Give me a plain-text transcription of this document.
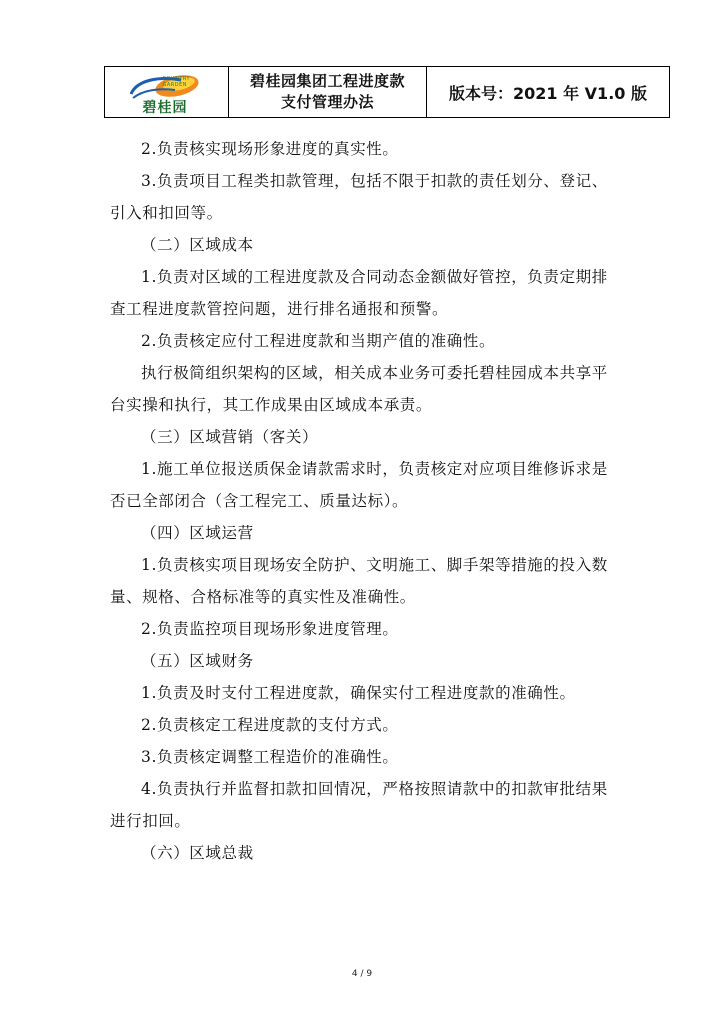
COUNTRY GARDEN
碧桂园
碧桂园集团工程进度款
支付管理办法	版本号：2021 年 V1.0 版

2.负责核实现场形象进度的真实性。

3.负责项目工程类扣款管理，包括不限于扣款的责任划分、登记、引入和扣回等。

（二）区域成本

1.负责对区域的工程进度款及合同动态金额做好管控，负责定期排查工程进度款管控问题，进行排名通报和预警。

2.负责核定应付工程进度款和当期产值的准确性。

执行极简组织架构的区域，相关成本业务可委托碧桂园成本共享平台实操和执行，其工作成果由区域成本承责。

（三）区域营销（客关）

1.施工单位报送质保金请款需求时，负责核定对应项目维修诉求是否已全部闭合（含工程完工、质量达标）。

（四）区域运营

1.负责核实项目现场安全防护、文明施工、脚手架等措施的投入数量、规格、合格标准等的真实性及准确性。

2.负责监控项目现场形象进度管理。

（五）区域财务

1.负责及时支付工程进度款，确保实付工程进度款的准确性。

2.负责核定工程进度款的支付方式。

3.负责核定调整工程造价的准确性。

4.负责执行并监督扣款扣回情况，严格按照请款中的扣款审批结果进行扣回。

（六）区域总裁

4 / 9
